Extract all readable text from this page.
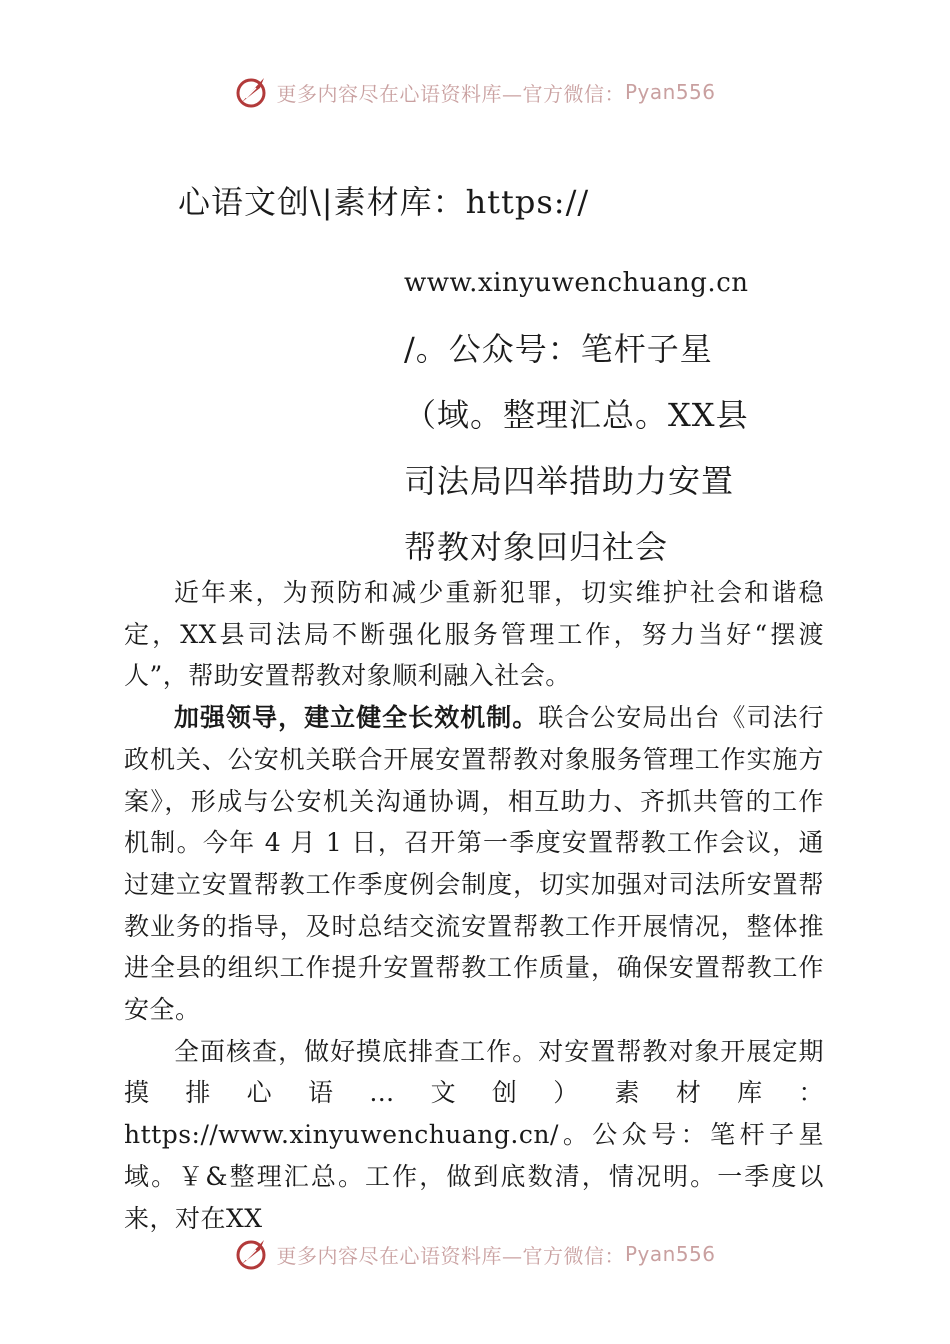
更多内容尽在心语资料库—官方微信： Pyan556
心语文创\|素材库：https://
www.xinyuwenchuang.cn
/。公众号：笔杆子星
（域。整理汇总。XX县
司法局四举措助力安置
帮教对象回归社会

近年来，为预防和减少重新犯罪，切实维护社会和谐稳定，XX县司法局不断强化服务管理工作，努力当好“摆渡人”，帮助安置帮教对象顺利融入社会。

加强领导，建立健全长效机制。联合公安局出台《司法行政机关、公安机关联合开展安置帮教对象服务管理工作实施方案》，形成与公安机关沟通协调，相互助力、齐抓共管的工作机制。今年 4 月 1 日，召开第一季度安置帮教工作会议，通过建立安置帮教工作季度例会制度，切实加强对司法所安置帮教业务的指导，及时总结交流安置帮教工作开展情况，整体推进全县的组织工作提升安置帮教工作质量，确保安置帮教工作安全。

全面核查，做好摸底排查工作。对安置帮教对象开展定期摸排心语…文创）素材库：https://www.xinyuwenchuang.cn/。公众号：笔杆子星域。￥&整理汇总。工作，做到底数清，情况明。一季度以来，对在XX

更多内容尽在心语资料库—官方微信： Pyan556
